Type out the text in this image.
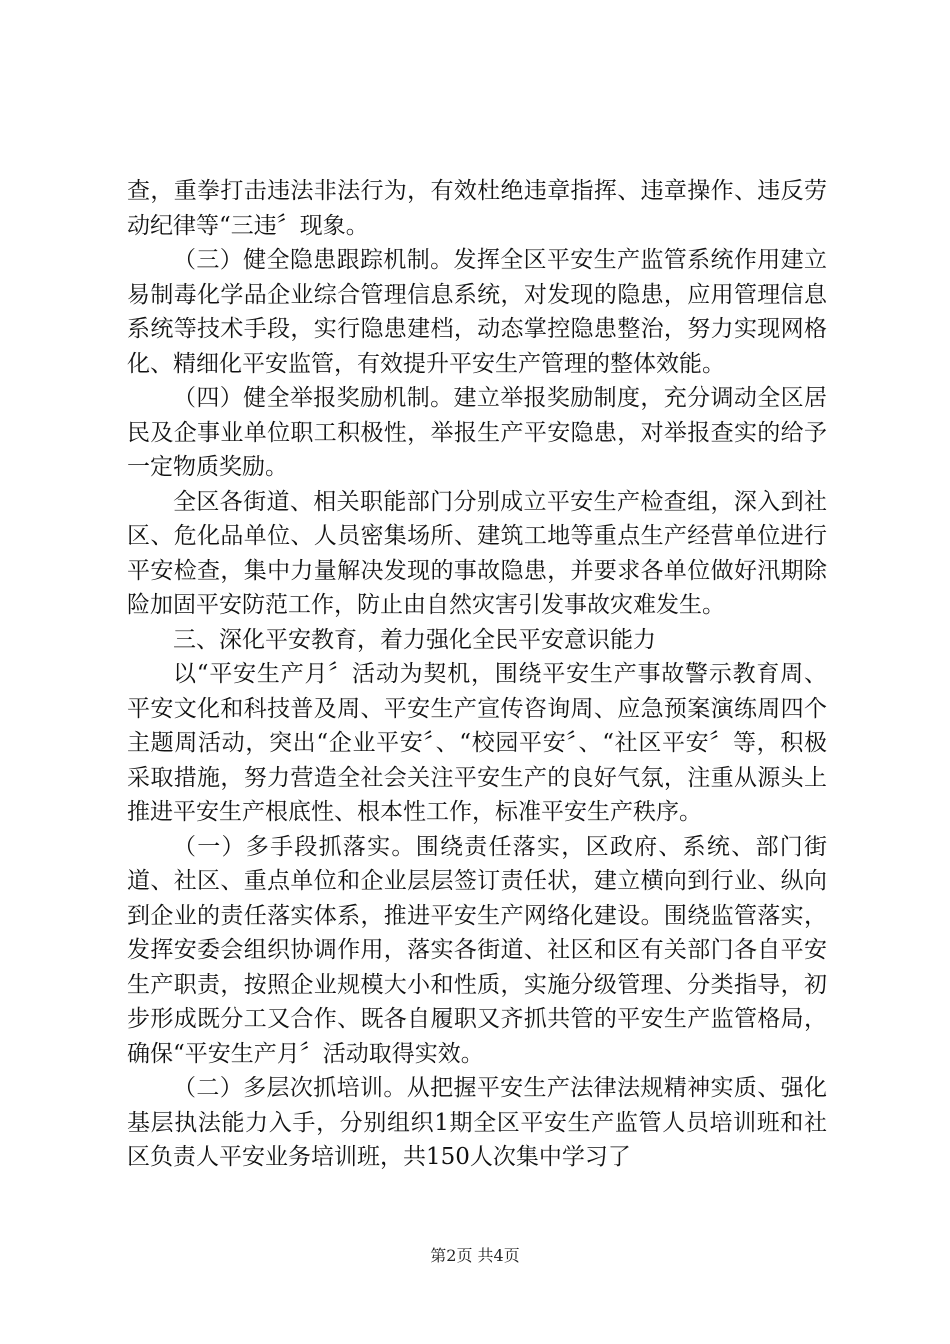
查，重拳打击违法非法行为，有效杜绝违章指挥、违章操作、违反劳动纪律等“三违〞现象。

（三）健全隐患跟踪机制。发挥全区平安生产监管系统作用建立易制毒化学品企业综合管理信息系统，对发现的隐患，应用管理信息系统等技术手段，实行隐患建档，动态掌控隐患整治，努力实现网格化、精细化平安监管，有效提升平安生产管理的整体效能。

（四）健全举报奖励机制。建立举报奖励制度，充分调动全区居民及企事业单位职工积极性，举报生产平安隐患，对举报查实的给予一定物质奖励。

全区各街道、相关职能部门分别成立平安生产检查组，深入到社区、危化品单位、人员密集场所、建筑工地等重点生产经营单位进行平安检查，集中力量解决发现的事故隐患，并要求各单位做好汛期除险加固平安防范工作，防止由自然灾害引发事故灾难发生。

三、深化平安教育，着力强化全民平安意识能力

以“平安生产月〞活动为契机，围绕平安生产事故警示教育周、平安文化和科技普及周、平安生产宣传咨询周、应急预案演练周四个主题周活动，突出“企业平安〞、“校园平安〞、“社区平安〞等，积极采取措施，努力营造全社会关注平安生产的良好气氛，注重从源头上推进平安生产根底性、根本性工作，标准平安生产秩序。

（一）多手段抓落实。围绕责任落实，区政府、系统、部门街道、社区、重点单位和企业层层签订责任状，建立横向到行业、纵向到企业的责任落实体系，推进平安生产网络化建设。围绕监管落实，发挥安委会组织协调作用，落实各街道、社区和区有关部门各自平安生产职责，按照企业规模大小和性质，实施分级管理、分类指导，初步形成既分工又合作、既各自履职又齐抓共管的平安生产监管格局，确保“平安生产月〞活动取得实效。

（二）多层次抓培训。从把握平安生产法律法规精神实质、强化基层执法能力入手，分别组织1期全区平安生产监管人员培训班和社区负责人平安业务培训班，共150人次集中学习了

第2页 共4页
